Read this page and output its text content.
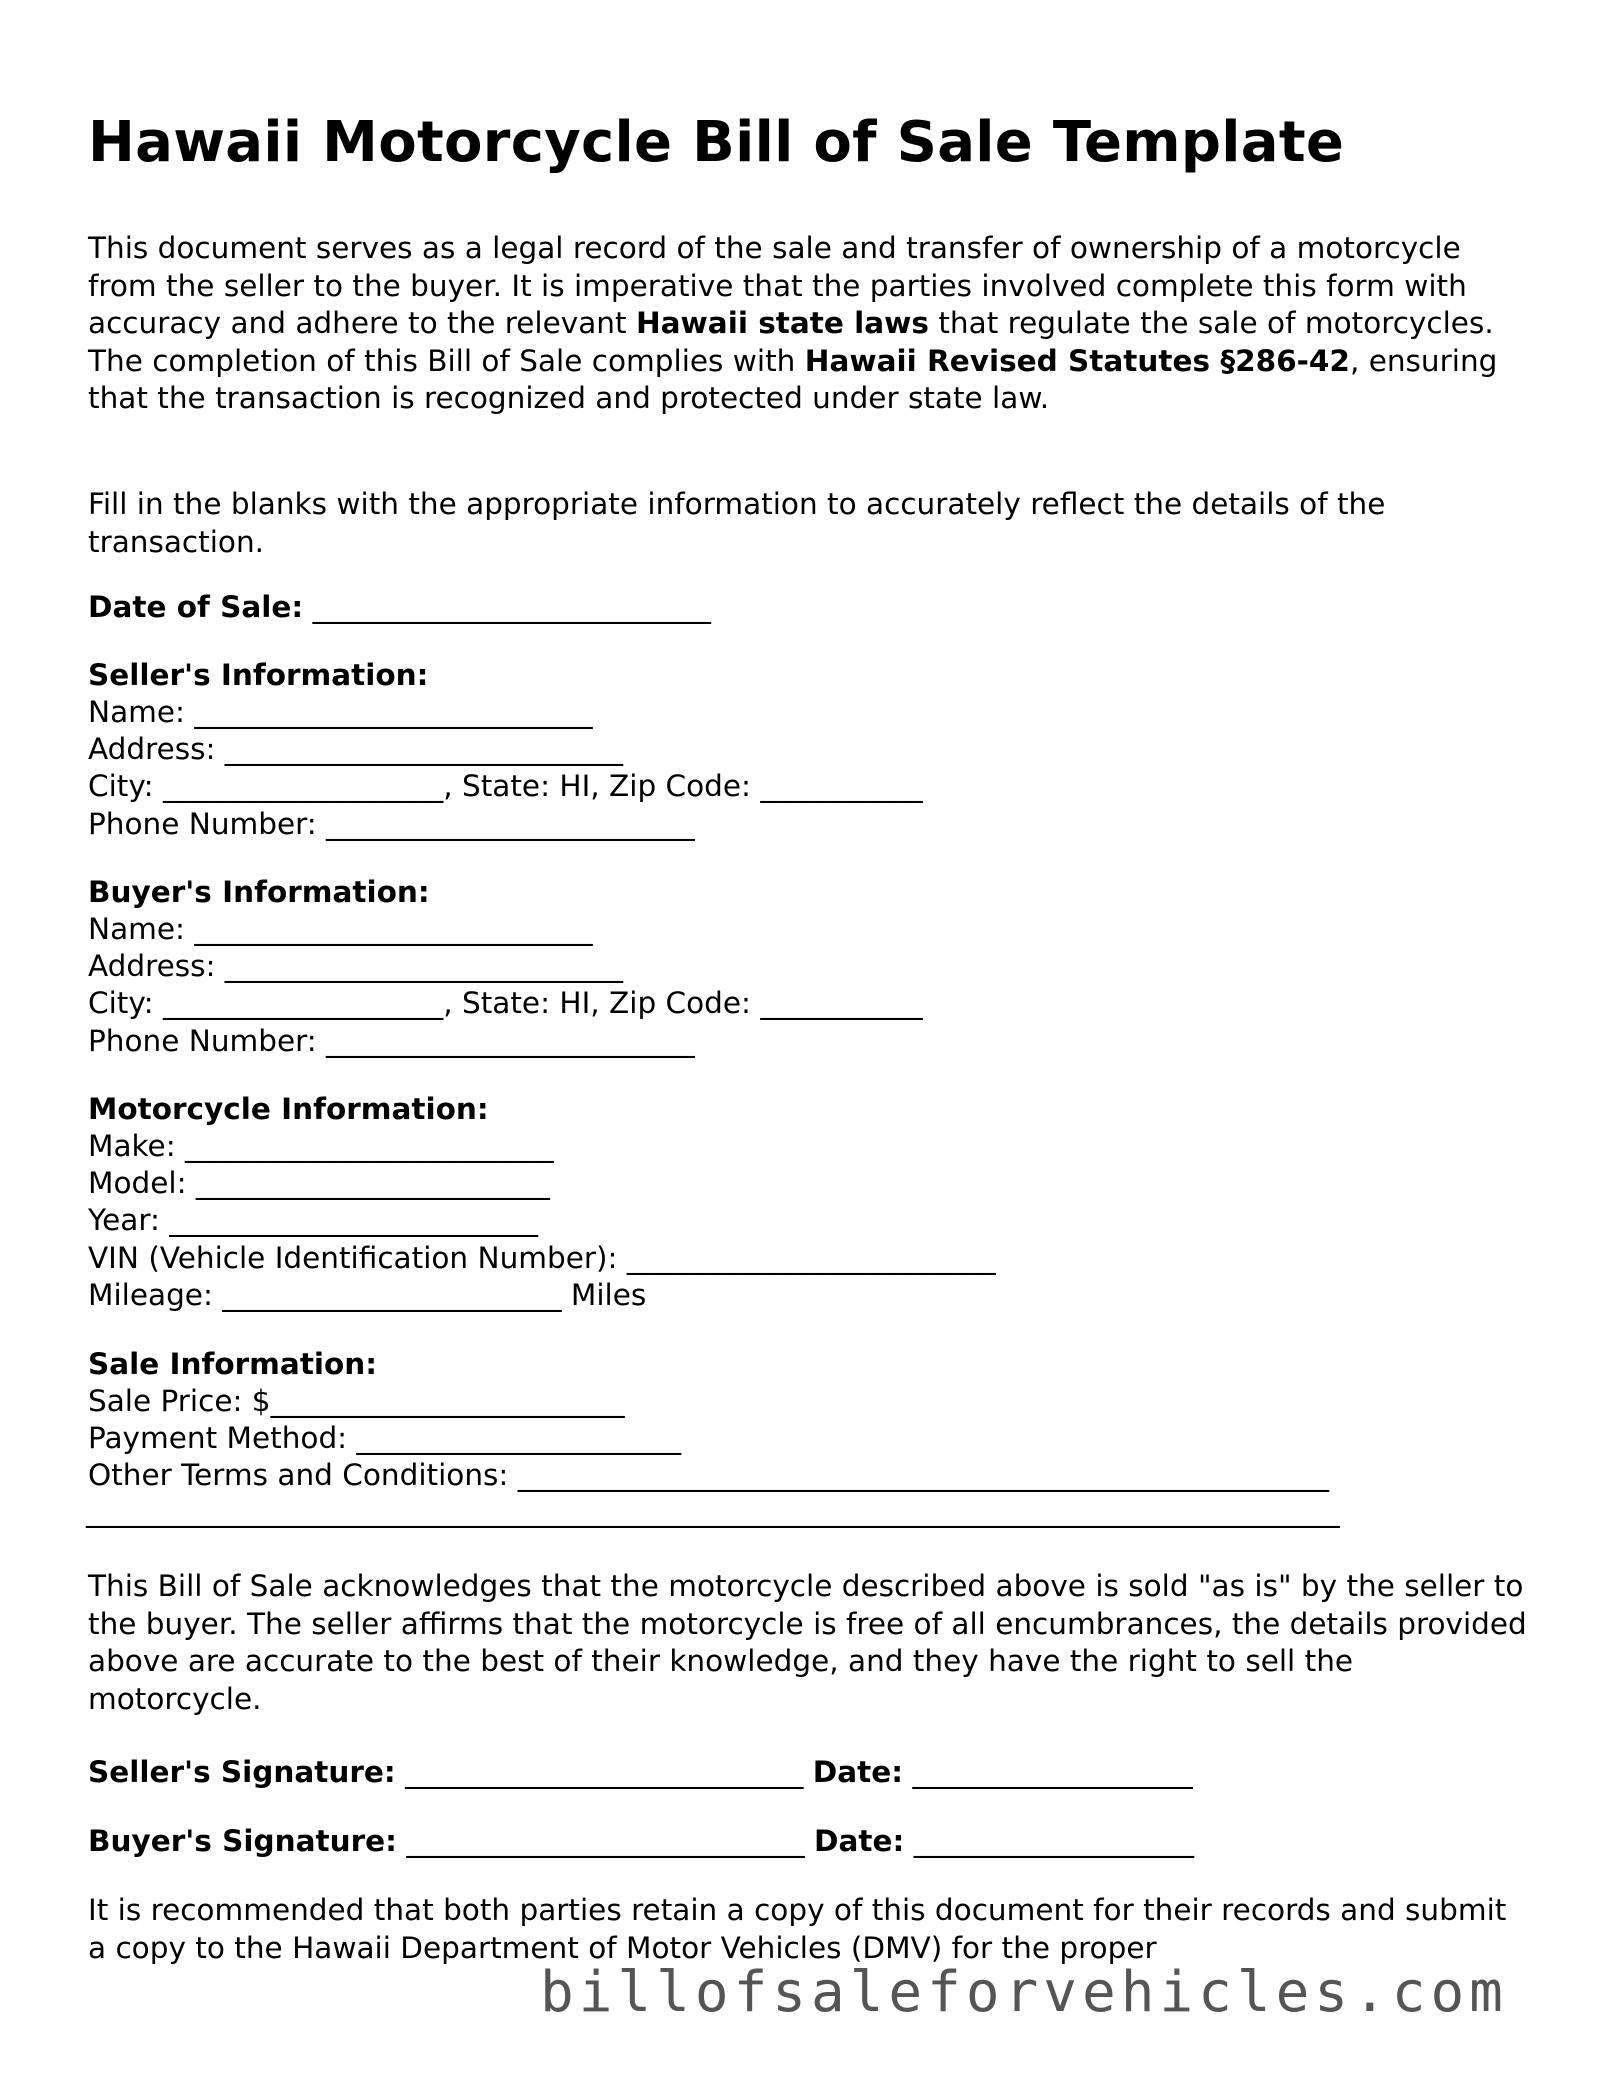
Hawaii Motorcycle Bill of Sale Template

This document serves as a legal record of the sale and transfer of ownership of a motorcycle from the seller to the buyer. It is imperative that the parties involved complete this form with accuracy and adhere to the relevant Hawaii state laws that regulate the sale of motorcycles. The completion of this Bill of Sale complies with Hawaii Revised Statutes §286-42, ensuring that the transaction is recognized and protected under state law.

Fill in the blanks with the appropriate information to accurately reflect the details of the transaction.

Date of Sale: ___________________________
Seller's Information:
Name: ___________________________
Address: ___________________________
City: ___________________, State: HI, Zip Code: ___________
Phone Number: _________________________
Buyer's Information:
Name: ___________________________
Address: ___________________________
City: ___________________, State: HI, Zip Code: ___________
Phone Number: _________________________
Motorcycle Information:
Make: _________________________
Model: ________________________
Year: _________________________
VIN (Vehicle Identification Number): _________________________
Mileage: _______________________ Miles
Sale Information:
Sale Price: $________________________
Payment Method: ______________________
Other Terms and Conditions: _______________________________________________________
_____________________________________________________________________________________

This Bill of Sale acknowledges that the motorcycle described above is sold "as is" by the seller to the buyer. The seller affirms that the motorcycle is free of all encumbrances, the details provided above are accurate to the best of their knowledge, and they have the right to sell the motorcycle.

Seller's Signature: ___________________________ Date: ___________________
Buyer's Signature: ___________________________ Date: ___________________

It is recommended that both parties retain a copy of this document for their records and submit a copy to the Hawaii Department of Motor Vehicles (DMV) for the proper

billofsaleforvehicles.com
